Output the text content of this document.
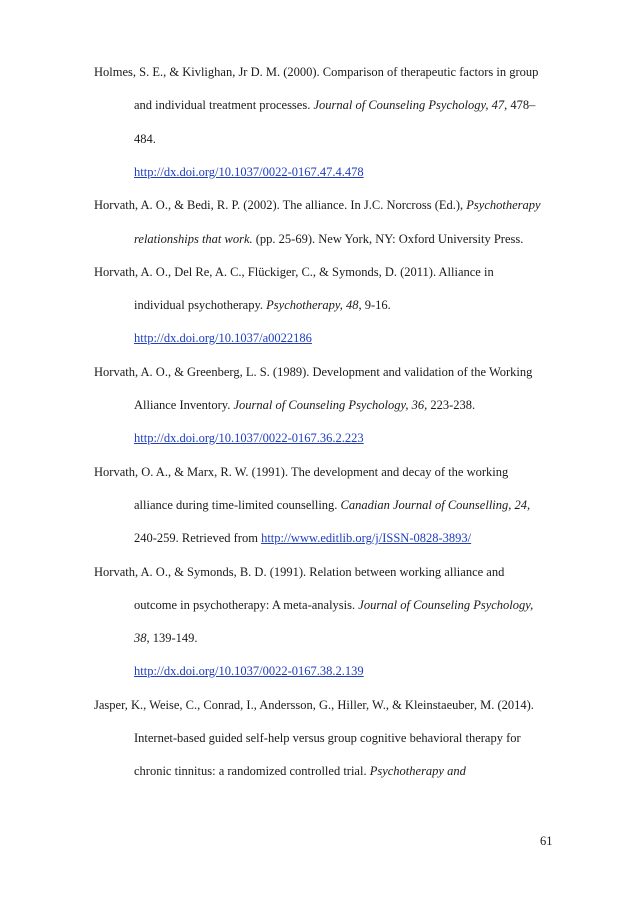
Holmes, S. E., & Kivlighan, Jr D. M. (2000). Comparison of therapeutic factors in group
and individual treatment processes. Journal of Counseling Psychology, 47, 478–
484.
http://dx.doi.org/10.1037/0022-0167.47.4.478
Horvath, A. O., & Bedi, R. P. (2002). The alliance. In J.C. Norcross (Ed.), Psychotherapy
relationships that work. (pp. 25-69). New York, NY: Oxford University Press.
Horvath, A. O., Del Re, A. C., Flückiger, C., & Symonds, D. (2011). Alliance in
individual psychotherapy. Psychotherapy, 48, 9-16.
http://dx.doi.org/10.1037/a0022186
Horvath, A. O., & Greenberg, L. S. (1989). Development and validation of the Working
Alliance Inventory. Journal of Counseling Psychology, 36, 223-238.
http://dx.doi.org/10.1037/0022-0167.36.2.223
Horvath, O. A., & Marx, R. W. (1991). The development and decay of the working
alliance during time-limited counselling. Canadian Journal of Counselling, 24,
240-259. Retrieved from http://www.editlib.org/j/ISSN-0828-3893/
Horvath, A. O., & Symonds, B. D. (1991). Relation between working alliance and
outcome in psychotherapy: A meta-analysis. Journal of Counseling Psychology,
38, 139-149.
http://dx.doi.org/10.1037/0022-0167.38.2.139
Jasper, K., Weise, C., Conrad, I., Andersson, G., Hiller, W., & Kleinstaeuber, M. (2014).
Internet-based guided self-help versus group cognitive behavioral therapy for
chronic tinnitus: a randomized controlled trial. Psychotherapy and
61
